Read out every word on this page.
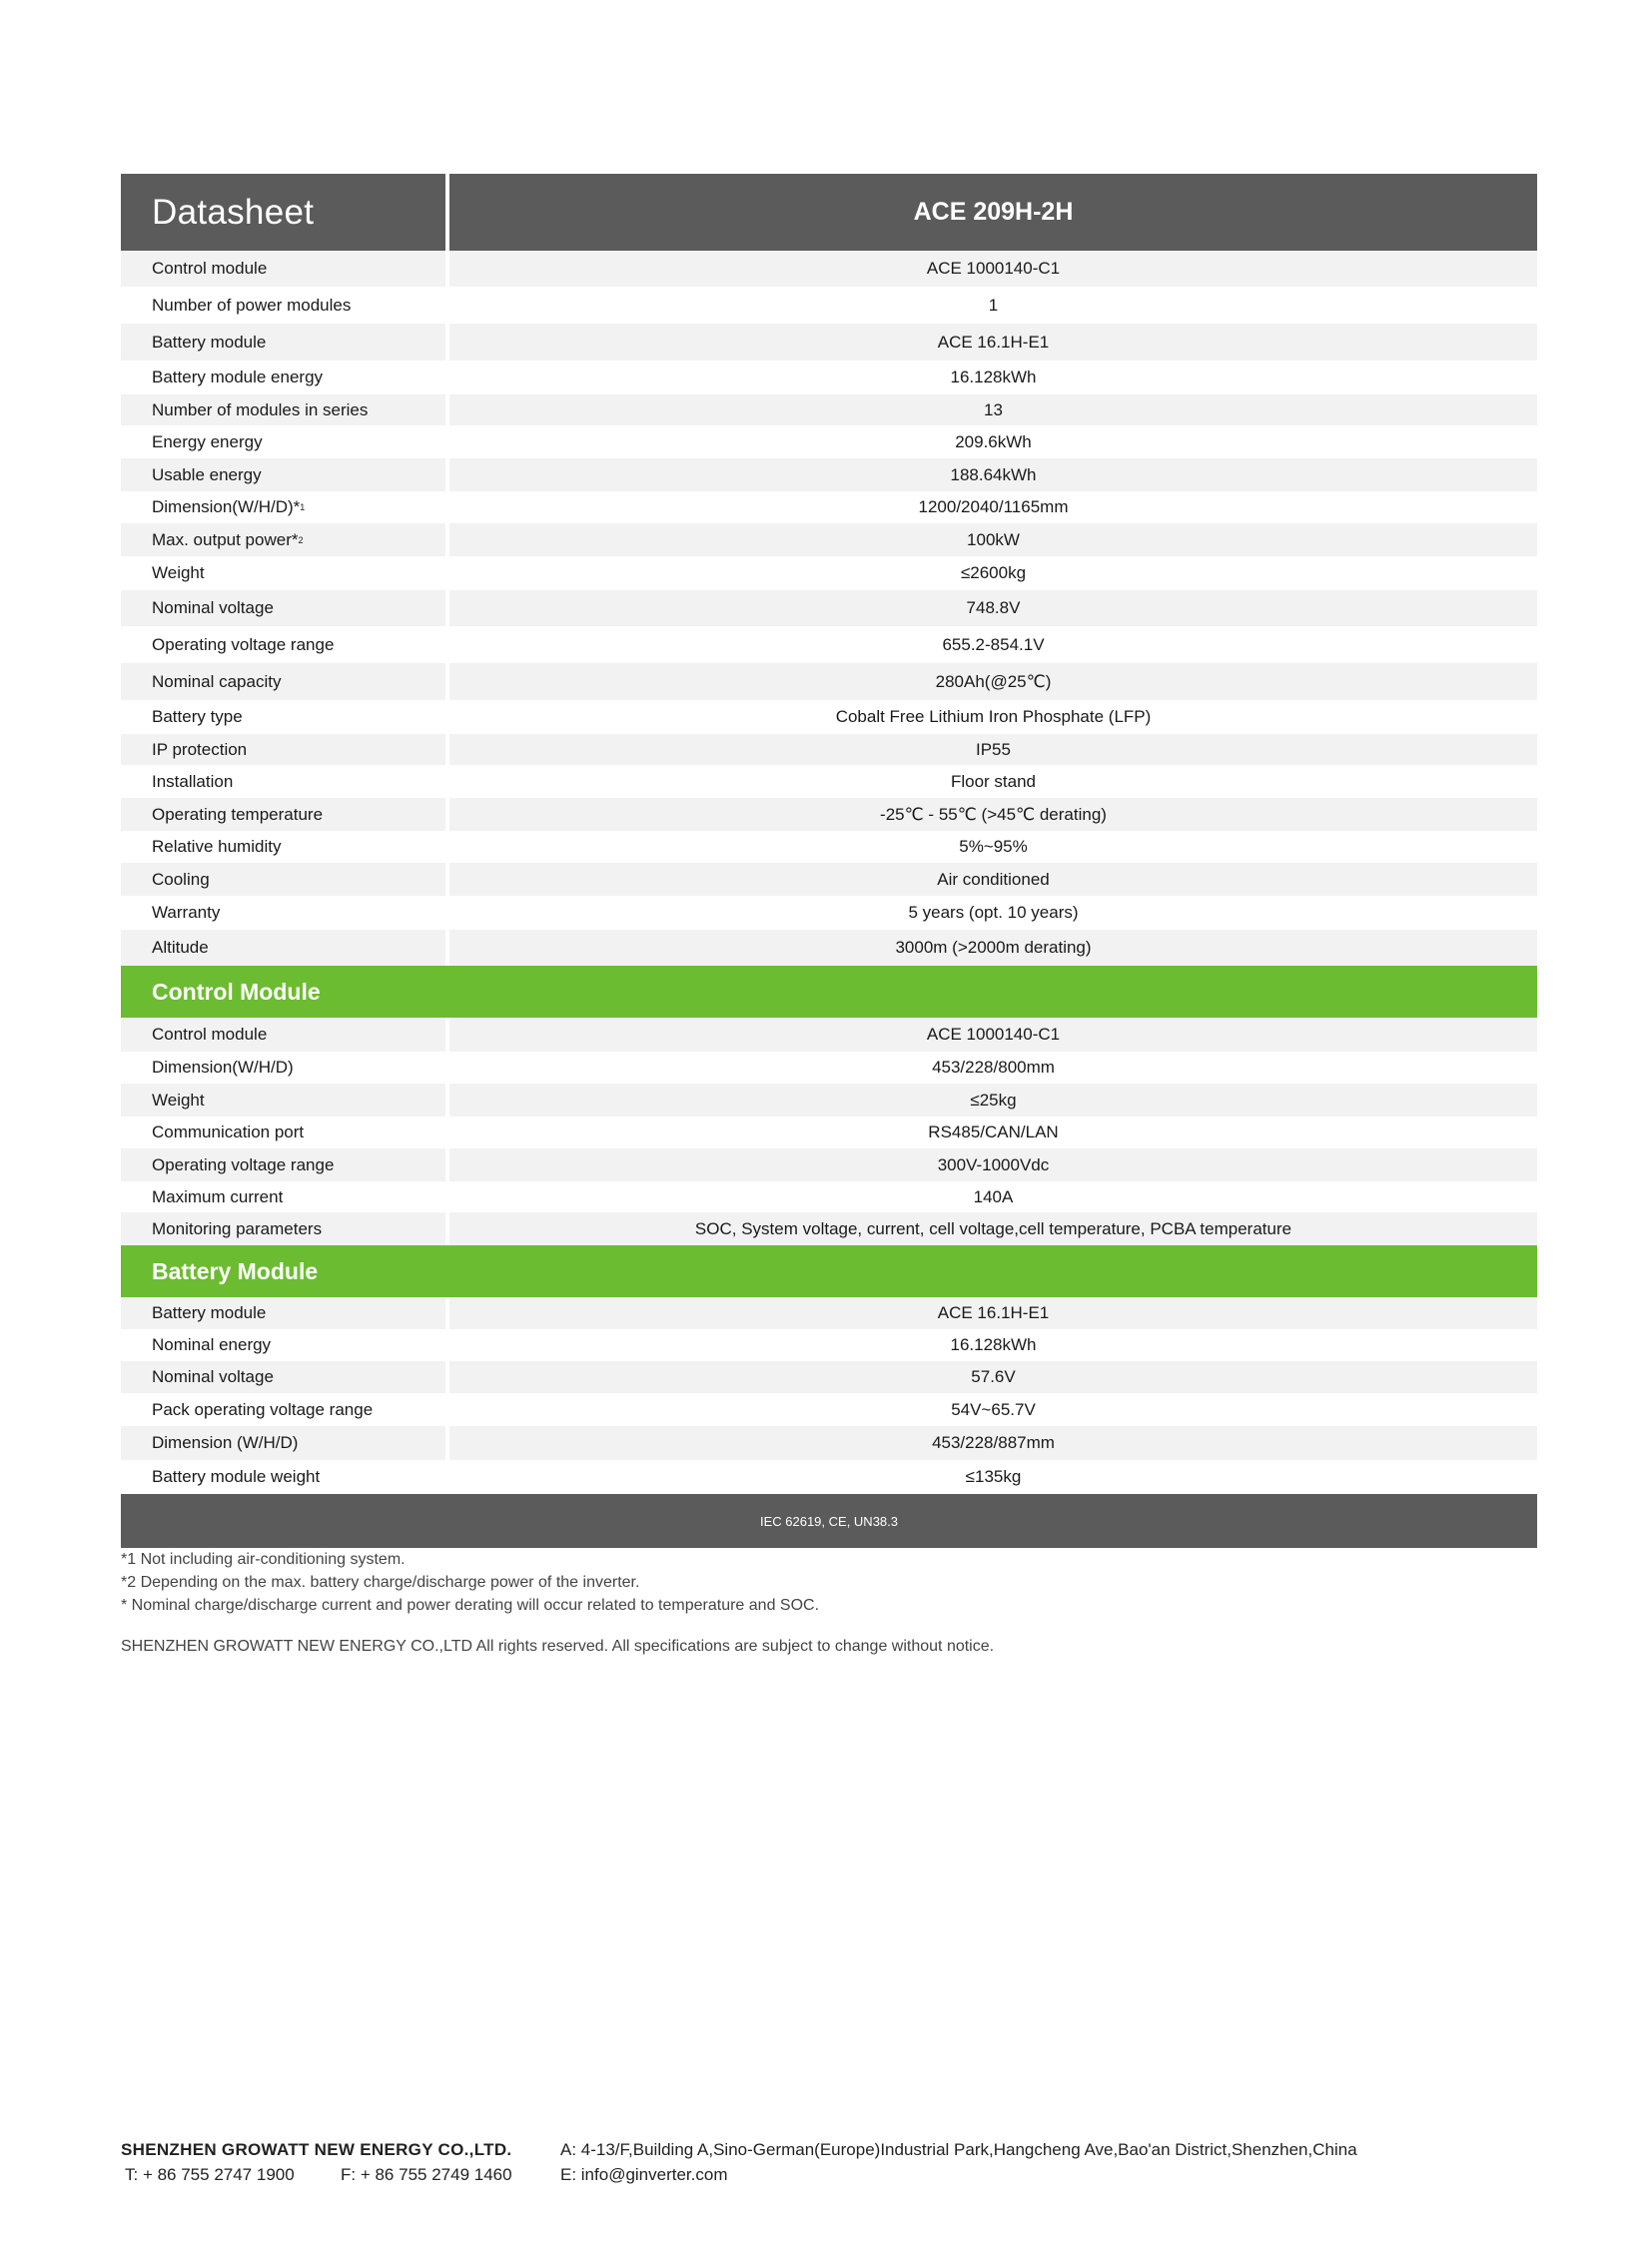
Datasheet	ACE 209H-2H
Control module	ACE 1000140-C1
Number of power modules	1
Battery module	ACE 16.1H-E1
Battery module energy	16.128kWh
Number of modules in series	13
Energy energy	209.6kWh
Usable energy	188.64kWh
Dimension(W/H/D)* 1	1200/2040/1165mm
Max. output power* 2	100kW
Weight	≤2600kg
Nominal voltage	748.8V
Operating voltage range	655.2-854.1V
Nominal capacity	280Ah(@25℃)
Battery type	Cobalt Free Lithium Iron Phosphate (LFP)
IP protection	IP55
Installation	Floor stand
Operating temperature	-25℃ - 55℃ (>45℃ derating)
Relative humidity	5%~95%
Cooling	Air conditioned
Warranty	5 years (opt. 10 years)
Altitude	3000m (>2000m derating)
Control Module
Control module	ACE 1000140-C1
Dimension(W/H/D)	453/228/800mm
Weight	≤25kg
Communication port	RS485/CAN/LAN
Operating voltage range	300V-1000Vdc
Maximum current	140A
Monitoring parameters	SOC, System voltage, current, cell voltage,cell temperature, PCBA temperature
Battery Module
Battery module	ACE 16.1H-E1
Nominal energy	16.128kWh
Nominal voltage	57.6V
Pack operating voltage range	54V~65.7V
Dimension (W/H/D)	453/228/887mm
Battery module weight	≤135kg
IEC 62619, CE, UN38.3
*1 Not including air-conditioning system.
*2 Depending on the max. battery charge/discharge power of the inverter.
* Nominal charge/discharge current and power derating will occur related to temperature and SOC.
SHENZHEN GROWATT NEW ENERGY CO.,LTD All rights reserved. All specifications are subject to change without notice.
SHENZHEN GROWATT NEW ENERGY CO.,LTD.	A: 4-13/F,Building A,Sino-German(Europe)Industrial Park,Hangcheng Ave,Bao'an District,Shenzhen,China
T: + 86 755 2747 1900	F: + 86 755 2749 1460	E: info@ginverter.com
